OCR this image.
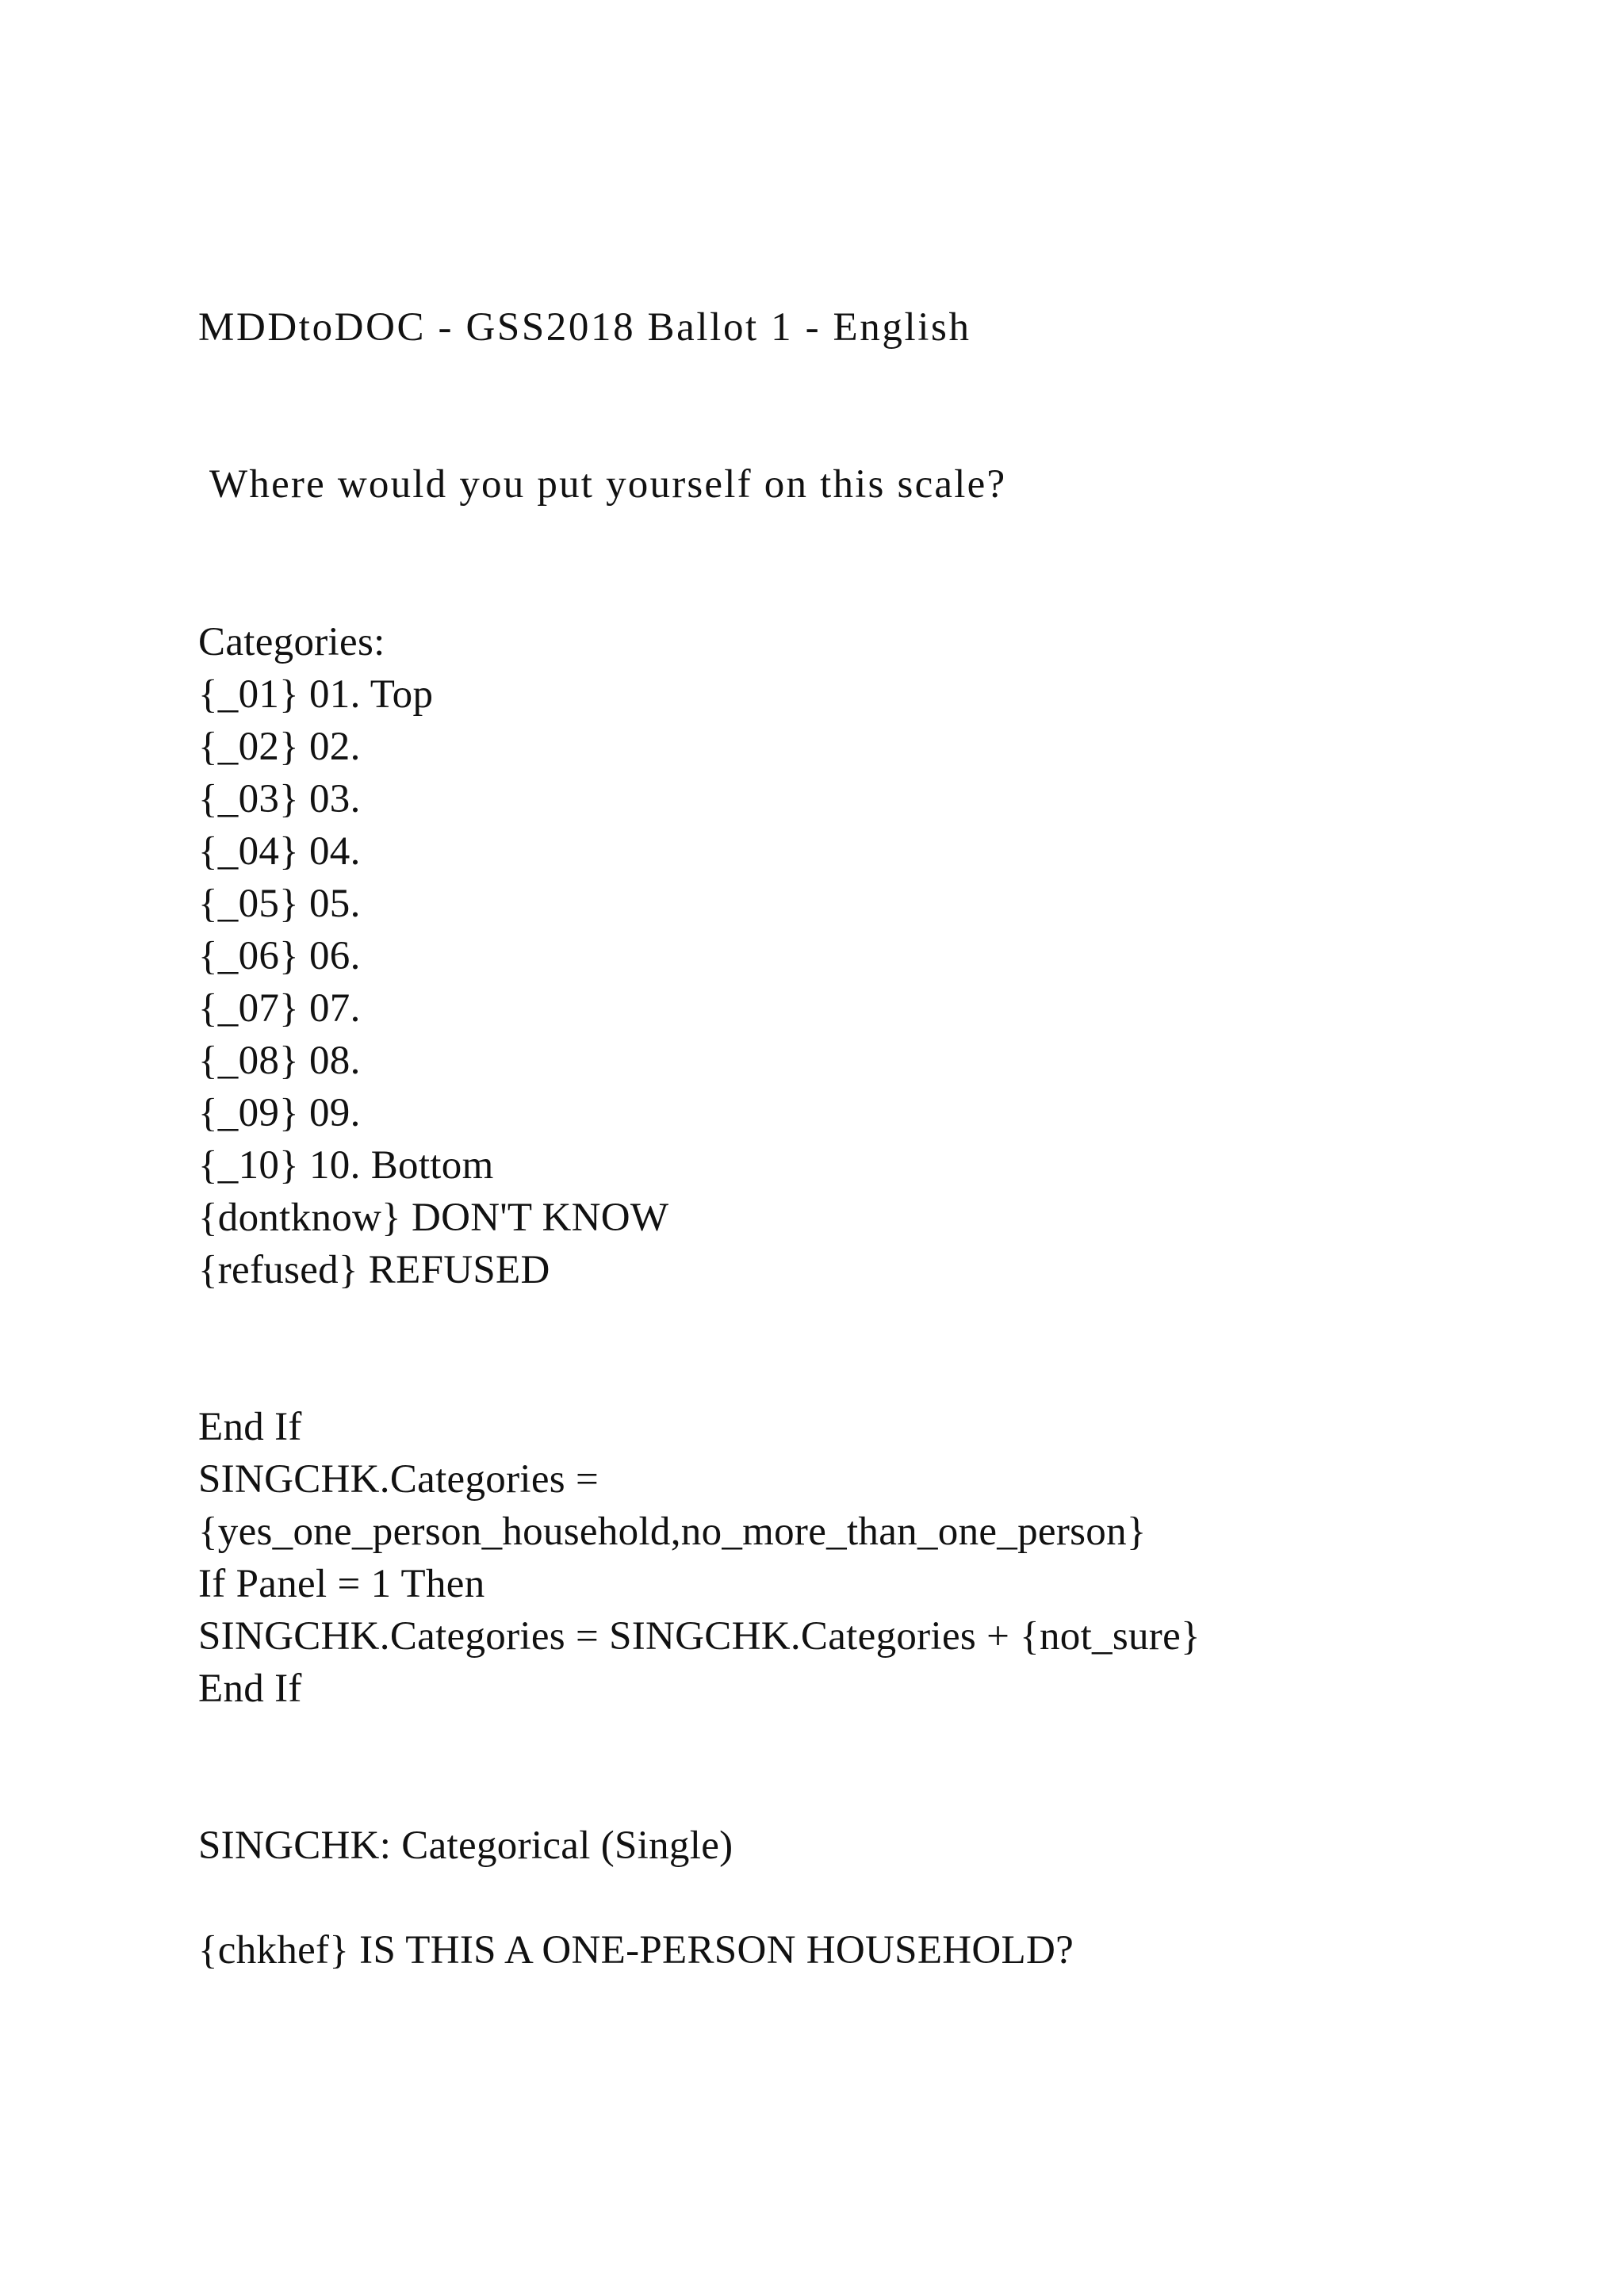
MDDtoDOC - GSS2018 Ballot 1 - English
Where would you put yourself on this scale?
Categories:
{_01} 01. Top
{_02} 02.
{_03} 03.
{_04} 04.
{_05} 05.
{_06} 06.
{_07} 07.
{_08} 08.
{_09} 09.
{_10} 10. Bottom
{dontknow} DON'T KNOW
{refused} REFUSED
End If
SINGCHK.Categories =
{yes_one_person_household,no_more_than_one_person}
If Panel = 1 Then
SINGCHK.Categories = SINGCHK.Categories + {not_sure}
End If
SINGCHK: Categorical (Single)
{chkhef} IS THIS A ONE-PERSON HOUSEHOLD?
